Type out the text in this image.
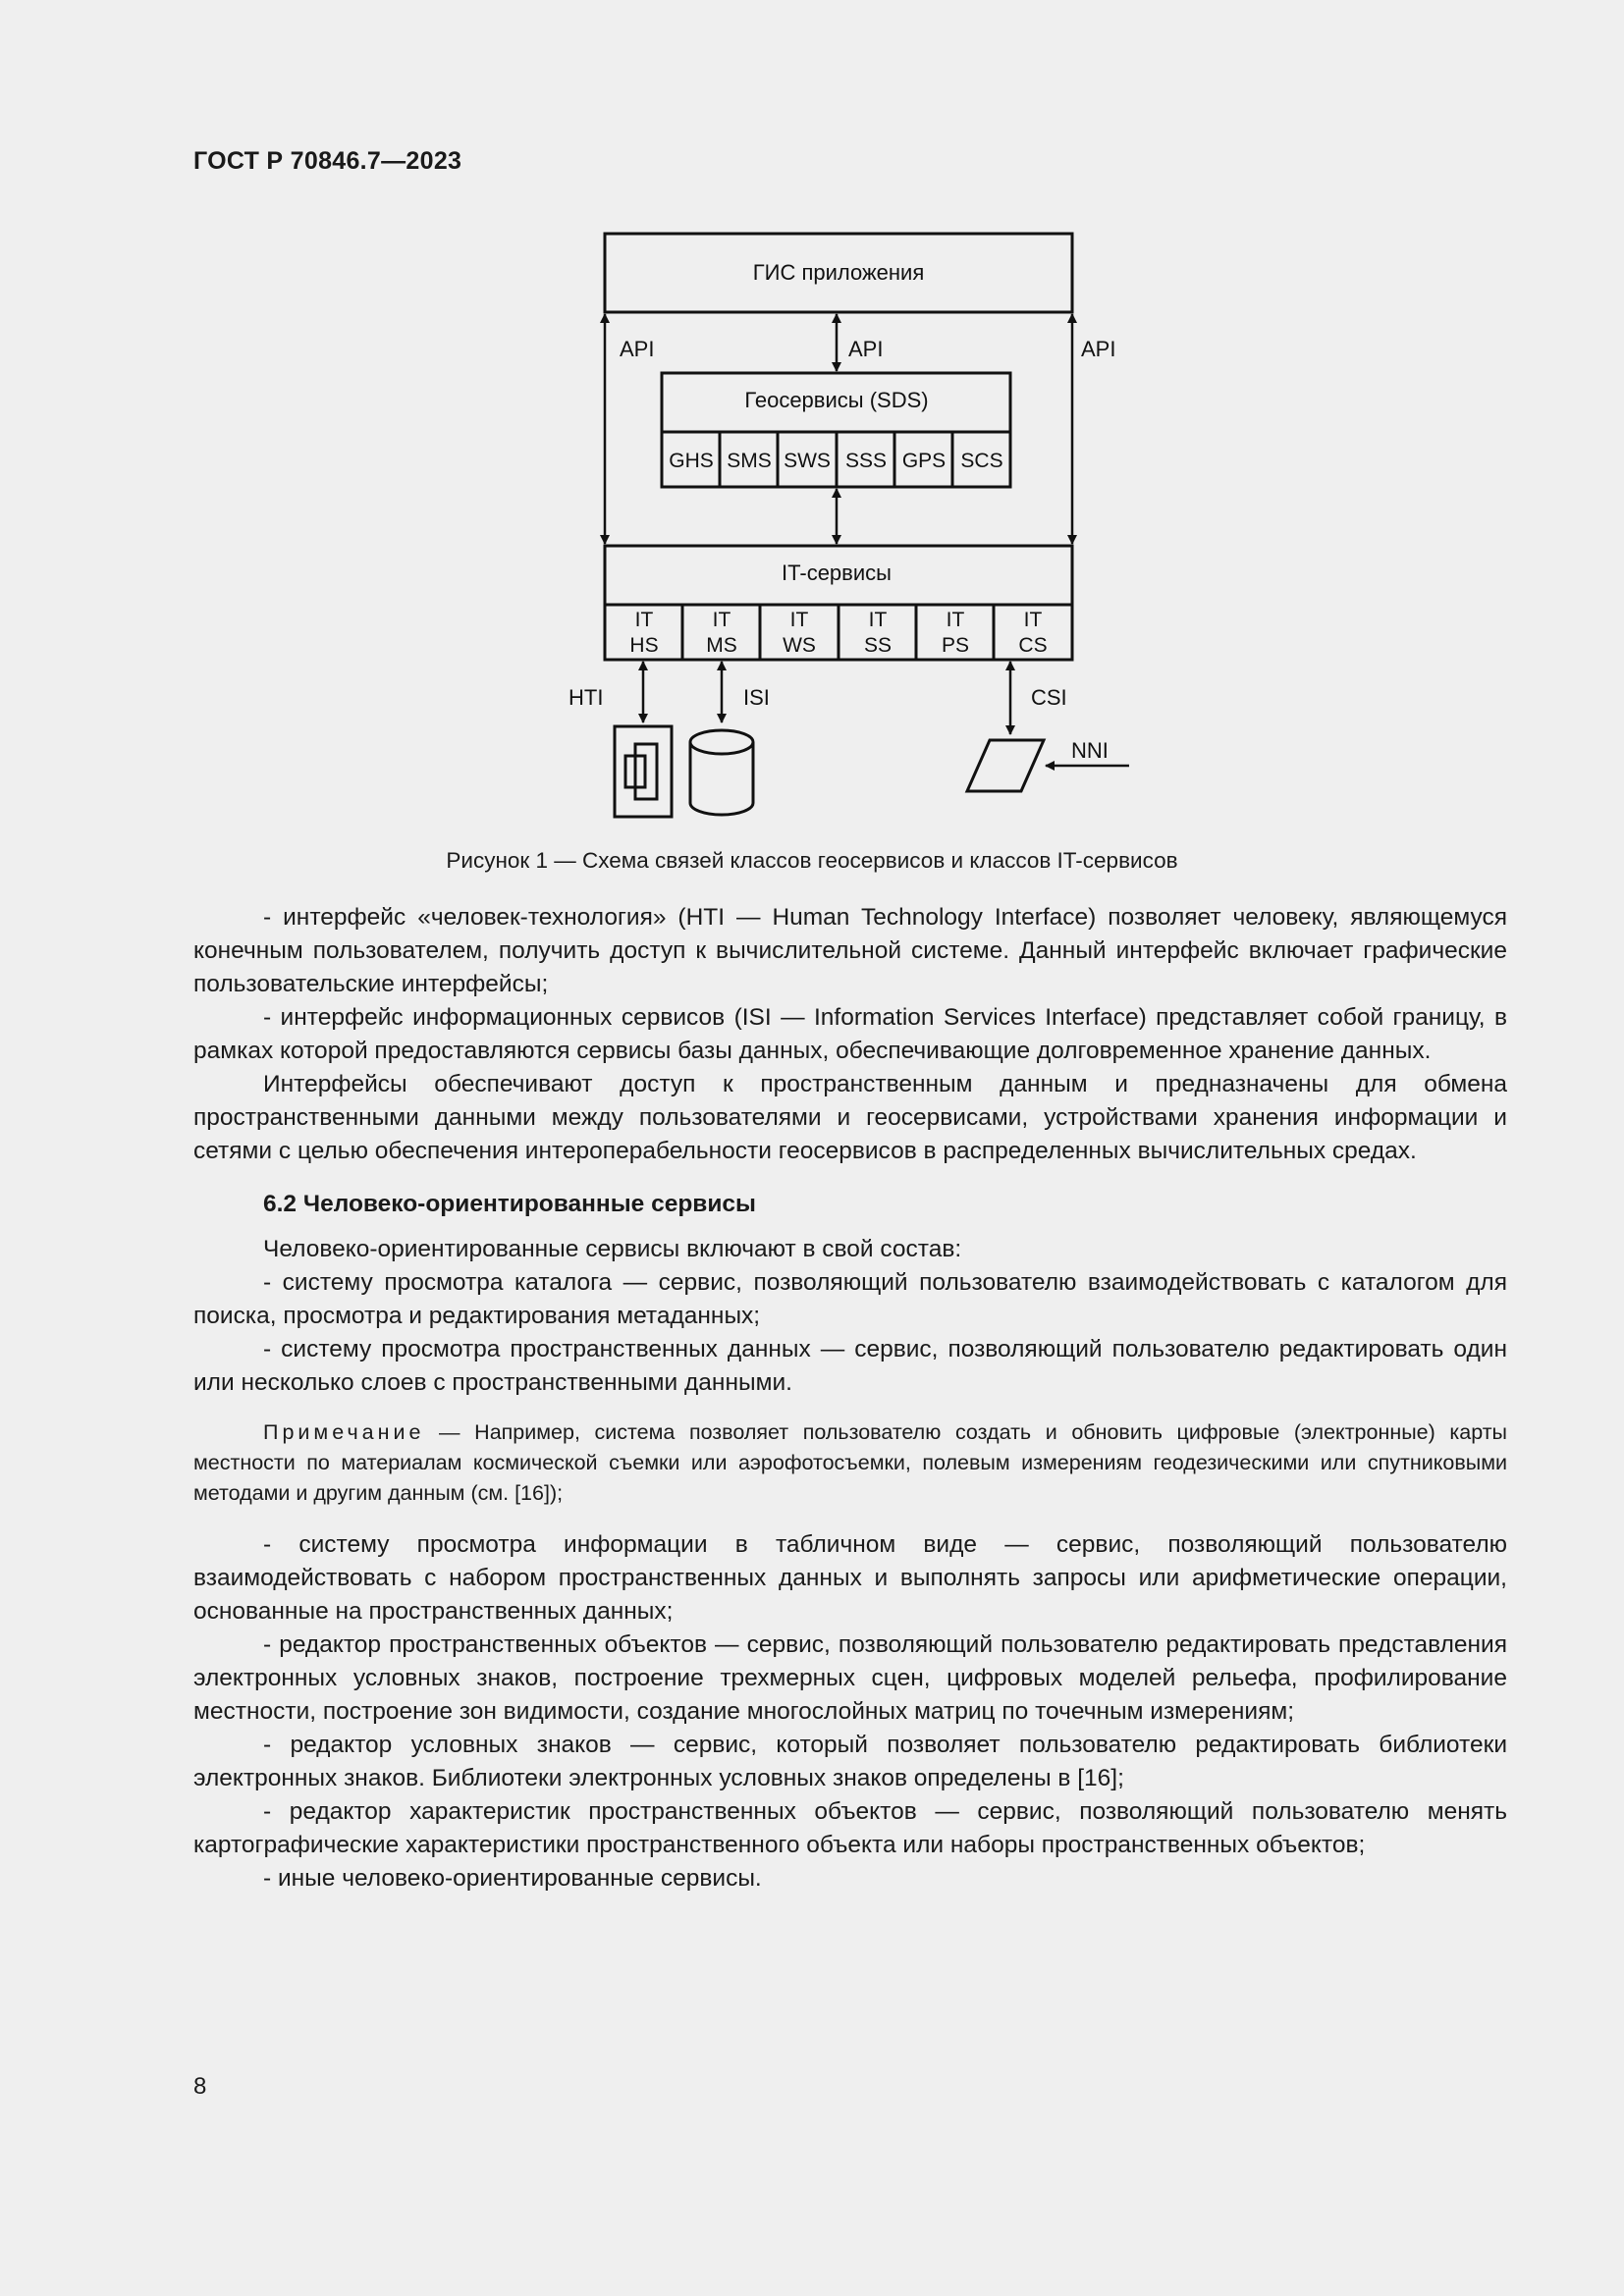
ГОСТ Р 70846.7—2023
ГИС приложения
API	API	API
Геосервисы (SDS)
IT-сервисы
GHS SMS SWS SSS GPS SCS
IT
HS
IT
MS
IT
WS
IT
SS
IT
PS
IT
CS
HTI	ISI	CSI
NNI
Рисунок 1 — Схема связей классов геосервисов и классов IT-сервисов

- интерфейс «человек-технология» (HTI — Human Technology Interface) позволяет человеку, являющемуся конечным пользователем, получить доступ к вычислительной системе. Данный интерфейс включает графические пользовательские интерфейсы;

- интерфейс информационных сервисов (ISI — Information Services Interface) представляет собой границу, в рамках которой предоставляются сервисы базы данных, обеспечивающие долговременное хранение данных.

Интерфейсы обеспечивают доступ к пространственным данным и предназначены для обмена пространственными данными между пользователями и геосервисами, устройствами хранения информации и сетями с целью обеспечения интероперабельности геосервисов в распределенных вычислительных средах.

6.2 Человеко-ориентированные сервисы

Человеко-ориентированные сервисы включают в свой состав:

- систему просмотра каталога — сервис, позволяющий пользователю взаимодействовать с каталогом для поиска, просмотра и редактирования метаданных;

- систему просмотра пространственных данных — сервис, позволяющий пользователю редактировать один или несколько слоев с пространственными данными.

Примечание — Например, система позволяет пользователю создать и обновить цифровые (электронные) карты местности по материалам космической съемки или аэрофотосъемки, полевым измерениям геодезическими или спутниковыми методами и другим данным (см. [16]);

- систему просмотра информации в табличном виде — сервис, позволяющий пользователю взаимодействовать с набором пространственных данных и выполнять запросы или арифметические операции, основанные на пространственных данных;

- редактор пространственных объектов — сервис, позволяющий пользователю редактировать представления электронных условных знаков, построение трехмерных сцен, цифровых моделей рельефа, профилирование местности, построение зон видимости, создание многослойных матриц по точечным измерениям;

- редактор условных знаков — сервис, который позволяет пользователю редактировать библиотеки электронных знаков. Библиотеки электронных условных знаков определены в [16];

- редактор характеристик пространственных объектов — сервис, позволяющий пользователю менять картографические характеристики пространственного объекта или наборы пространственных объектов;

- иные человеко-ориентированные сервисы.

8
